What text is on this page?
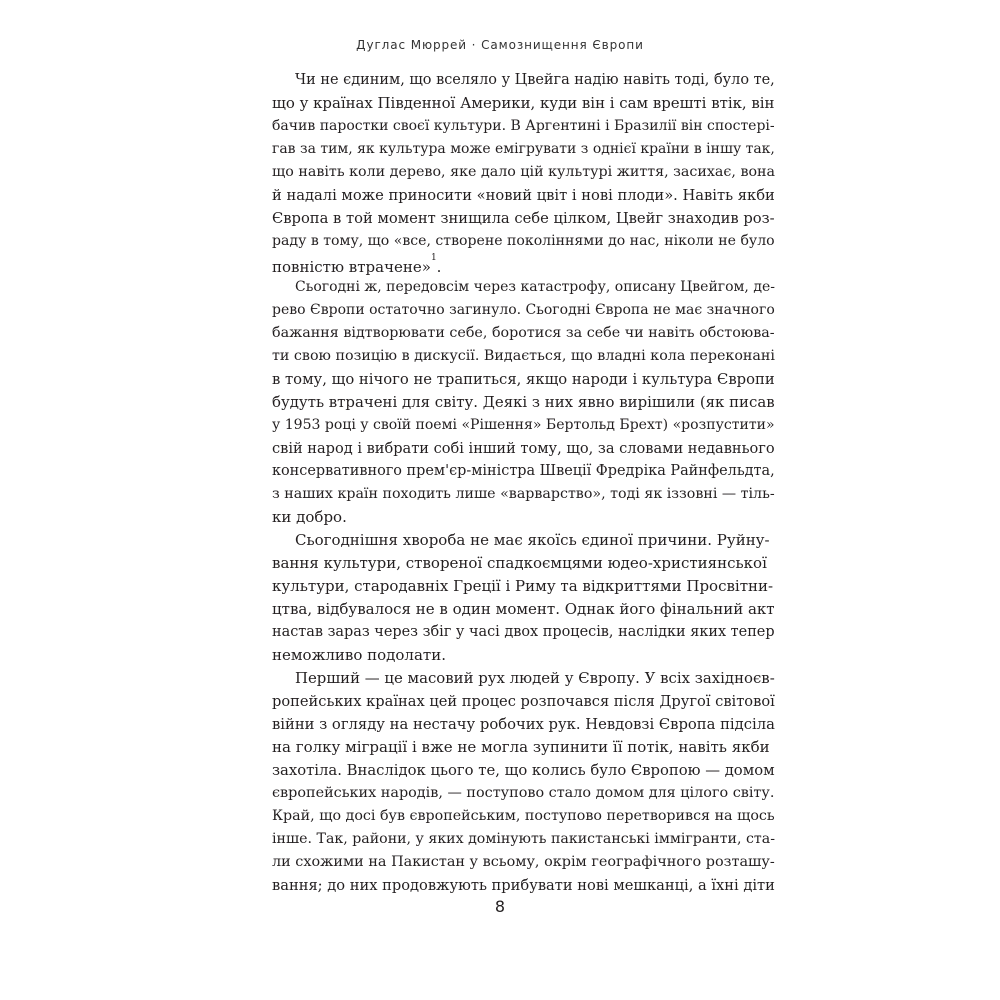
Дуглас Мюррей · Самознищення Європи

Чи не єдиним, що вселяло у Цвейга надію навіть тоді, було те,
що у країнах Південної Америки, куди він і сам врешті втік, він
бачив паростки своєї культури. В Аргентині і Бразилії він спостері-
гав за тим, як культура може емігрувати з однієї країни в іншу так,
що навіть коли дерево, яке дало цій культурі життя, засихає, вона
й надалі може приносити «новий цвіт і нові плоди». Навіть якби
Європа в той момент знищила себе цілком, Цвейг знаходив роз-
раду в тому, що «все, створене поколіннями до нас, ніколи не було
повністю втрачене»$^1$.

Сьогодні ж, передовсім через катастрофу, описану Цвейгом, де-
рево Європи остаточно загинуло. Сьогодні Європа не має значного
бажання відтворювати себе, боротися за себе чи навіть обстоюва-
ти свою позицію в дискусії. Видається, що владні кола переконані
в тому, що нічого не трапиться, якщо народи і культура Європи
будуть втрачені для світу. Деякі з них явно вирішили (як писав
у 1953 році у своїй поемі «Рішення» Бертольд Брехт) «розпустити»
свій народ і вибрати собі інший тому, що, за словами недавнього
консервативного прем'єр-міністра Швеції Фредріка Райнфельдта,
з наших країн походить лише «варварство», тоді як іззовні — тіль-
ки добро.

Сьогоднішня хвороба не має якоїсь єдиної причини. Руйну-
вання культури, створеної спадкоємцями юдео-християнської
культури, стародавніх Греції і Риму та відкриттями Просвітни-
цтва, відбувалося не в один момент. Однак його фінальний акт
настав зараз через збіг у часі двох процесів, наслідки яких тепер
неможливо подолати.

Перший — це масовий рух людей у Європу. У всіх західноєв-
ропейських країнах цей процес розпочався після Другої світової
війни з огляду на нестачу робочих рук. Невдовзі Європа підсіла
на голку міграції і вже не могла зупинити її потік, навіть якби
захотіла. Внаслідок цього те, що колись було Європою — домом
європейських народів, — поступово стало домом для цілого світу.
Край, що досі був європейським, поступово перетворився на щось
інше. Так, райони, у яких домінують пакистанські іммігранти, ста-
ли схожими на Пакистан у всьому, окрім географічного розташу-
вання; до них продовжують прибувати нові мешканці, а їхні діти

8
